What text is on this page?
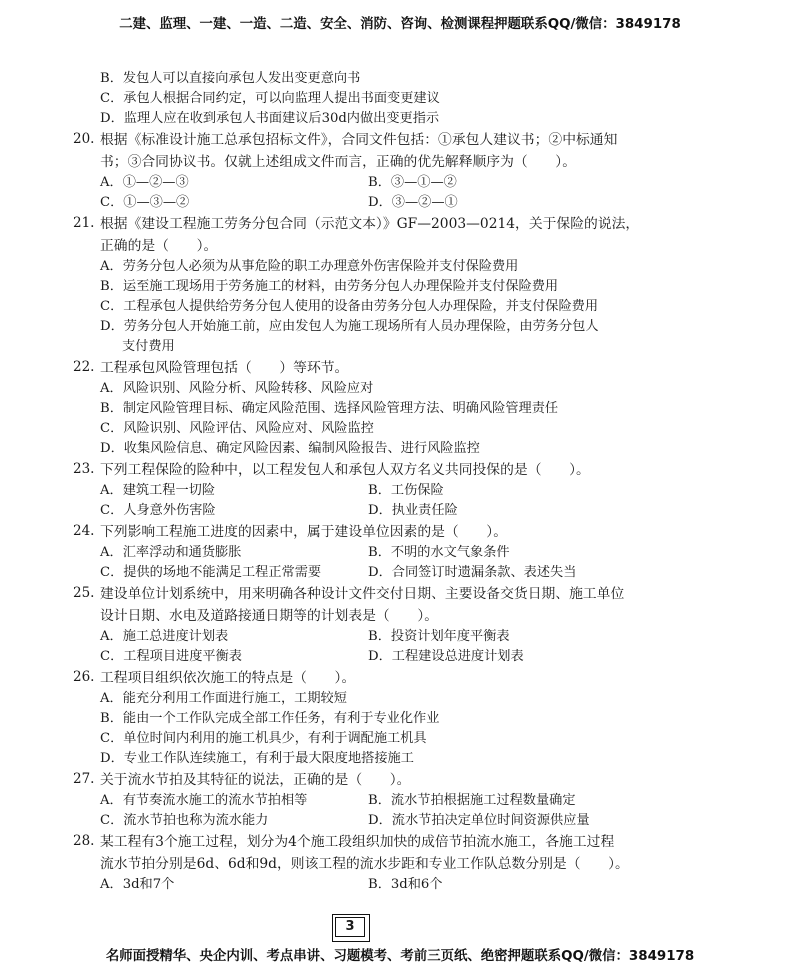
二建、监理、一建、一造、二造、安全、消防、咨询、检测课程押题联系QQ/微信：3849178
B．发包人可以直接向承包人发出变更意向书
C．承包人根据合同约定，可以向监理人提出书面变更建议
D．监理人应在收到承包人书面建议后30d内做出变更指示
20. 根据《标准设计施工总承包招标文件》，合同文件包括：①承包人建议书；②中标通知
书；③合同协议书。仅就上述组成文件而言，正确的优先解释顺序为（　　）。
A．①—②—③	B．③—①—②
C．①—③—②	D．③—②—①
21. 根据《建设工程施工劳务分包合同（示范文本）》GF—2003—0214，关于保险的说法，
正确的是（　　）。
A．劳务分包人必须为从事危险的职工办理意外伤害保险并支付保险费用
B．运至施工现场用于劳务施工的材料，由劳务分包人办理保险并支付保险费用
C．工程承包人提供给劳务分包人使用的设备由劳务分包人办理保险，并支付保险费用
D．劳务分包人开始施工前，应由发包人为施工现场所有人员办理保险，由劳务分包人
支付费用
22. 工程承包风险管理包括（　　）等环节。
A．风险识别、风险分析、风险转移、风险应对
B．制定风险管理目标、确定风险范围、选择风险管理方法、明确风险管理责任
C．风险识别、风险评估、风险应对、风险监控
D．收集风险信息、确定风险因素、编制风险报告、进行风险监控
23. 下列工程保险的险种中，以工程发包人和承包人双方名义共同投保的是（　　）。
A．建筑工程一切险	B．工伤保险
C．人身意外伤害险	D．执业责任险
24. 下列影响工程施工进度的因素中，属于建设单位因素的是（　　）。
A．汇率浮动和通货膨胀	B．不明的水文气象条件
C．提供的场地不能满足工程正常需要	D．合同签订时遗漏条款、表述失当
25. 建设单位计划系统中，用来明确各种设计文件交付日期、主要设备交货日期、施工单位
设计日期、水电及道路接通日期等的计划表是（　　）。
A．施工总进度计划表	B．投资计划年度平衡表
C．工程项目进度平衡表	D．工程建设总进度计划表
26. 工程项目组织依次施工的特点是（　　）。
A．能充分利用工作面进行施工，工期较短
B．能由一个工作队完成全部工作任务，有利于专业化作业
C．单位时间内利用的施工机具少，有利于调配施工机具
D．专业工作队连续施工，有利于最大限度地搭接施工
27. 关于流水节拍及其特征的说法，正确的是（　　）。
A．有节奏流水施工的流水节拍相等	B．流水节拍根据施工过程数量确定
C．流水节拍也称为流水能力	D．流水节拍决定单位时间资源供应量
28. 某工程有3个施工过程，划分为4个施工段组织加快的成倍节拍流水施工，各施工过程
流水节拍分别是6d、6d和9d，则该工程的流水步距和专业工作队总数分别是（　　）。
A．3d和7个	B．3d和6个
3
名师面授精华、央企内训、考点串讲、习题模考、考前三页纸、绝密押题联系QQ/微信：3849178
